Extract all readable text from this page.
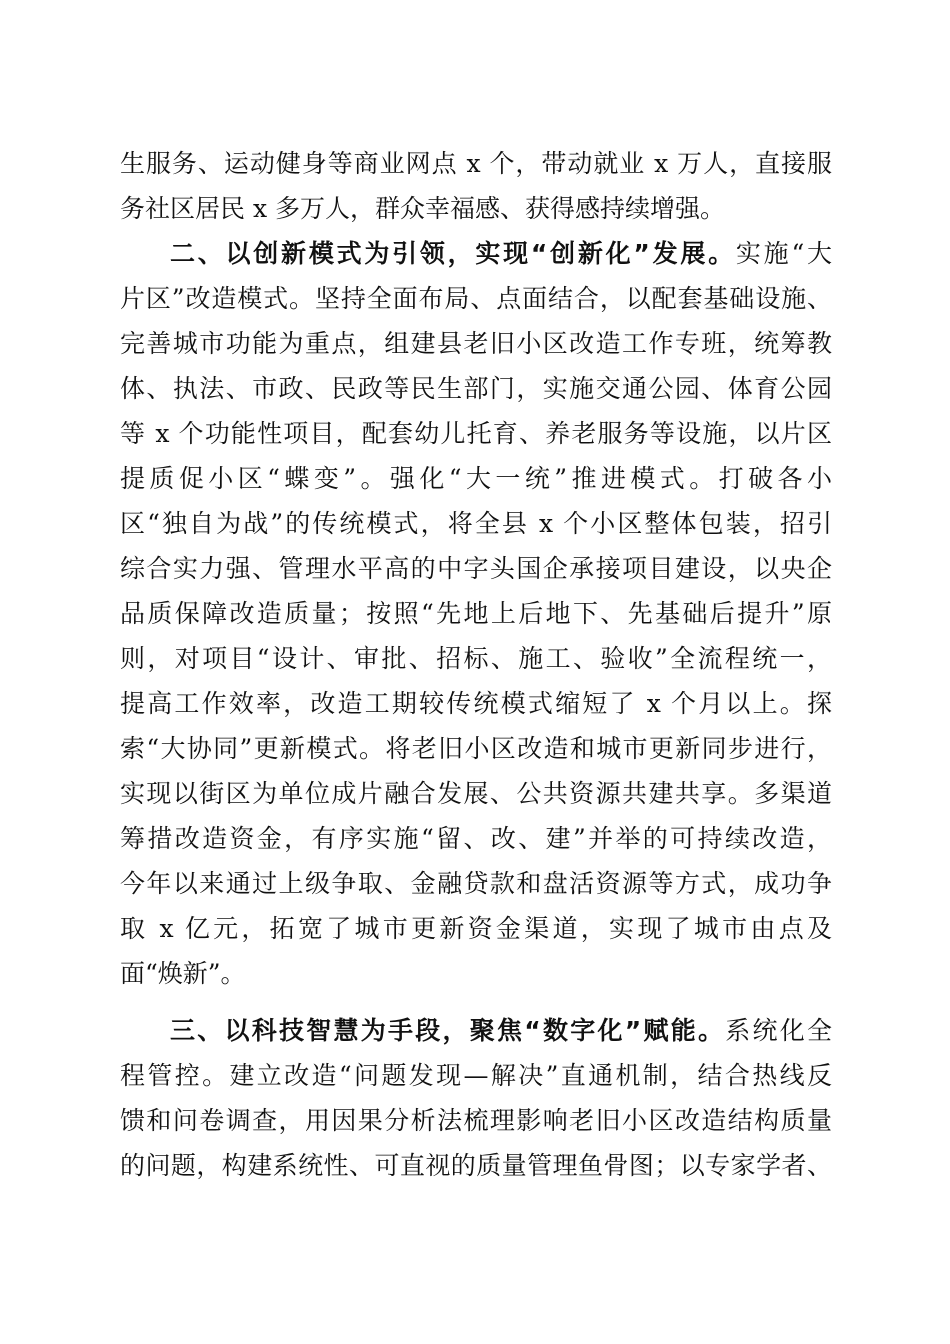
生服务、运动健身等商业网点 x 个，带动就业 x 万人，直接服
务社区居民 x 多万人，群众幸福感、获得感持续增强。
二、以创新模式为引领，实现“创新化”发展。实施“大
片区”改造模式。坚持全面布局、点面结合，以配套基础设施、
完善城市功能为重点，组建县老旧小区改造工作专班，统筹教
体、执法、市政、民政等民生部门，实施交通公园、体育公园
等 x 个功能性项目，配套幼儿托育、养老服务等设施，以片区
提质促小区“蝶变”。强化“大一统”推进模式。打破各小
区“独自为战”的传统模式，将全县 x 个小区整体包装，招引
综合实力强、管理水平高的中字头国企承接项目建设，以央企
品质保障改造质量；按照“先地上后地下、先基础后提升”原
则，对项目“设计、审批、招标、施工、验收”全流程统一，
提高工作效率，改造工期较传统模式缩短了 x 个月以上。探
索“大协同”更新模式。将老旧小区改造和城市更新同步进行，
实现以街区为单位成片融合发展、公共资源共建共享。多渠道
筹措改造资金，有序实施“留、改、建”并举的可持续改造，
今年以来通过上级争取、金融贷款和盘活资源等方式，成功争
取 x 亿元，拓宽了城市更新资金渠道，实现了城市由点及
面“焕新”。
三、以科技智慧为手段，聚焦“数字化”赋能。系统化全
程管控。建立改造“问题发现—解决”直通机制，结合热线反
馈和问卷调查，用因果分析法梳理影响老旧小区改造结构质量
的问题，构建系统性、可直视的质量管理鱼骨图；以专家学者、
